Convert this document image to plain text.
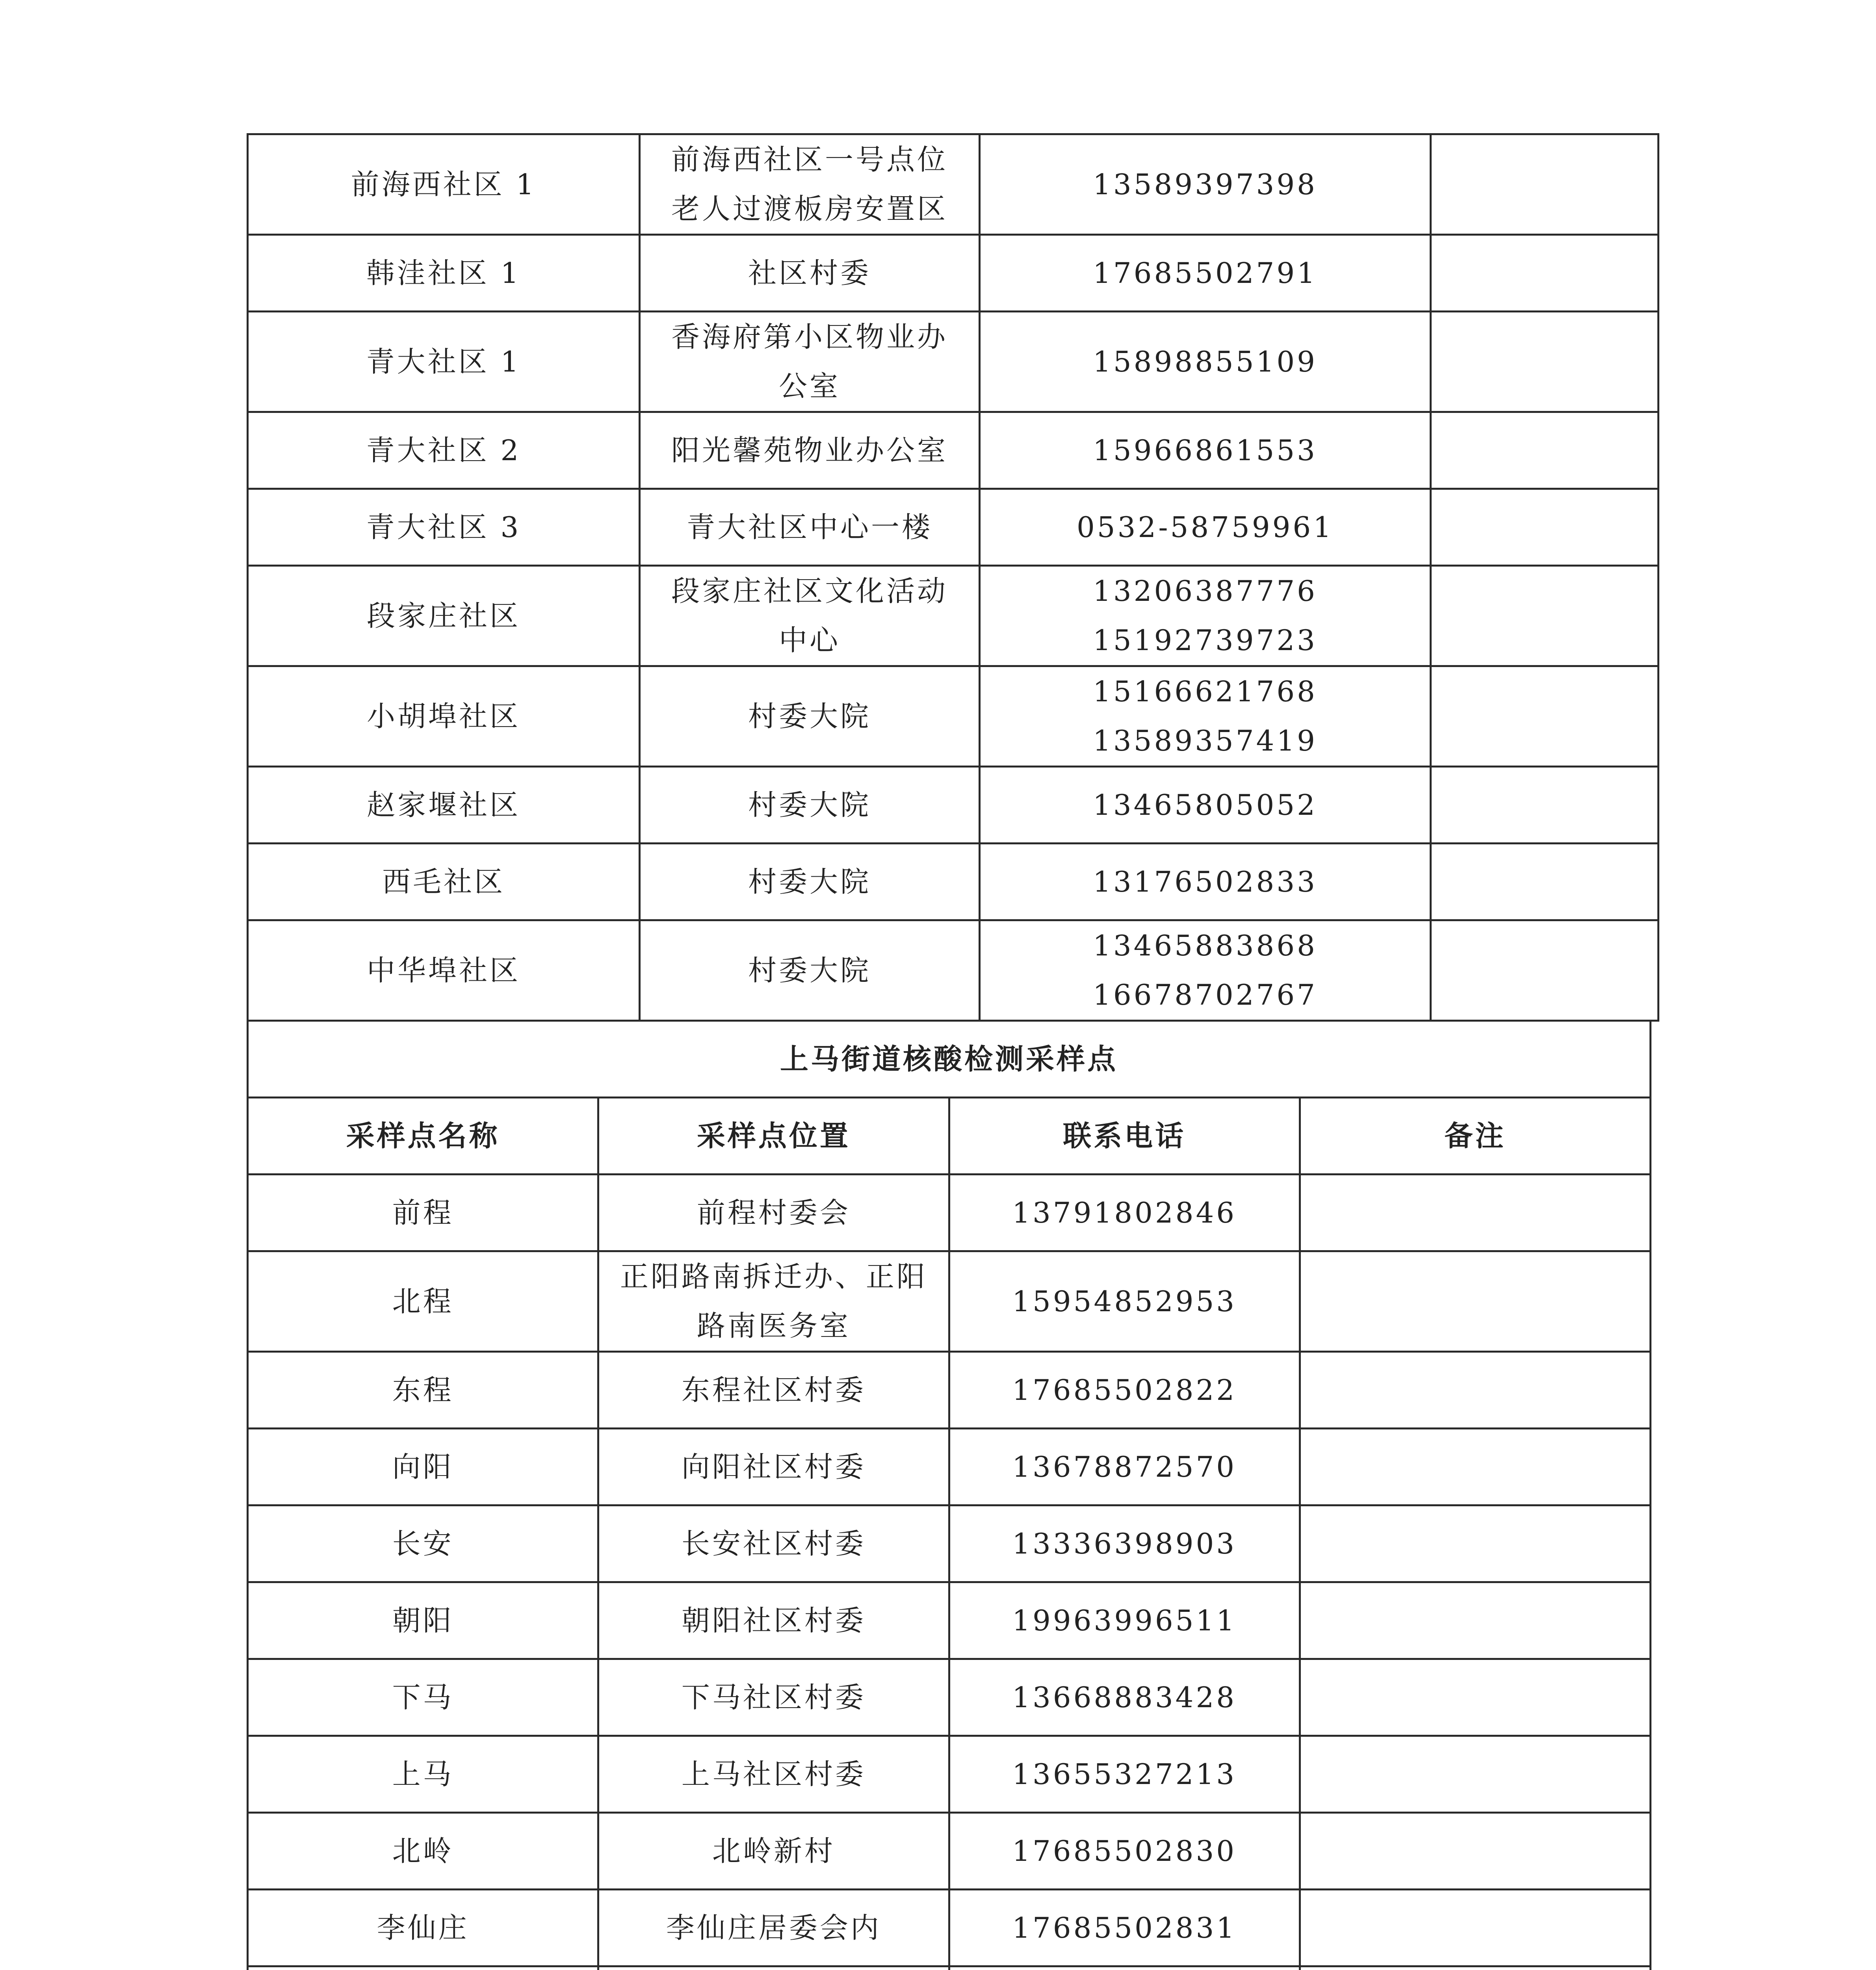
前海西社区 1	前海西社区一号点位
老人过渡板房安置区	13589397398	

韩洼社区 1	社区村委	17685502791	

青大社区 1	香海府第小区物业办
公室	15898855109	

青大社区 2	阳光馨苑物业办公室	15966861553	

青大社区 3	青大社区中心一楼	0532-58759961	

段家庄社区	段家庄社区文化活动
中心	13206387776
15192739723	

小胡埠社区	村委大院	15166621768
13589357419	

赵家堰社区	村委大院	13465805052	

西毛社区	村委大院	13176502833	

中华埠社区	村委大院	13465883868
16678702767	

上马街道核酸检测采样点			
采样点名称	采样点位置	联系电话	备注
前程	前程村委会	13791802846	
北程	正阳路南拆迁办、正阳
路南医务室	15954852953	
东程	东程社区村委	17685502822	
向阳	向阳社区村委	13678872570	
长安	长安社区村委	13336398903	
朝阳	朝阳社区村委	19963996511	
下马	下马社区村委	13668883428	
上马	上马社区村委	13655327213	
北岭	北岭新村	17685502830	
李仙庄	李仙庄居委会内	17685502831	
